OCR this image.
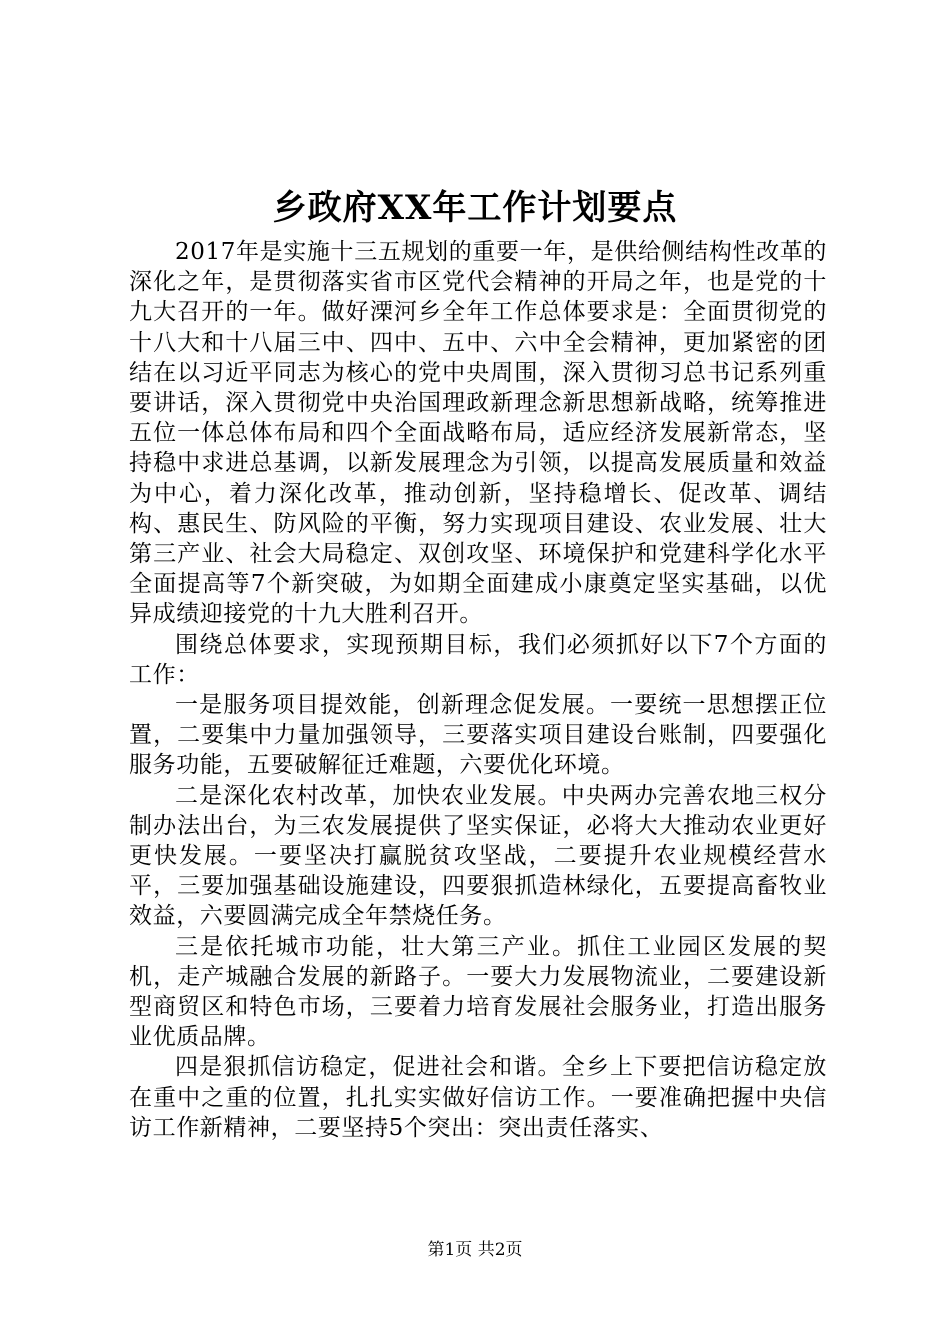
乡政府XX年工作计划要点

2017年是实施十三五规划的重要一年，是供给侧结构性改革的深化之年，是贯彻落实省市区党代会精神的开局之年，也是党的十九大召开的一年。做好溧河乡全年工作总体要求是：全面贯彻党的十八大和十八届三中、四中、五中、六中全会精神，更加紧密的团结在以习近平同志为核心的党中央周围，深入贯彻习总书记系列重要讲话，深入贯彻党中央治国理政新理念新思想新战略，统筹推进五位一体总体布局和四个全面战略布局，适应经济发展新常态，坚持稳中求进总基调，以新发展理念为引领，以提高发展质量和效益为中心，着力深化改革，推动创新，坚持稳增长、促改革、调结构、惠民生、防风险的平衡，努力实现项目建设、农业发展、壮大第三产业、社会大局稳定、双创攻坚、环境保护和党建科学化水平全面提高等7个新突破，为如期全面建成小康奠定坚实基础，以优异成绩迎接党的十九大胜利召开。

围绕总体要求，实现预期目标，我们必须抓好以下7个方面的工作：

一是服务项目提效能，创新理念促发展。一要统一思想摆正位置，二要集中力量加强领导，三要落实项目建设台账制，四要强化服务功能，五要破解征迁难题，六要优化环境。

二是深化农村改革，加快农业发展。中央两办完善农地三权分制办法出台，为三农发展提供了坚实保证，必将大大推动农业更好更快发展。一要坚决打赢脱贫攻坚战，二要提升农业规模经营水平，三要加强基础设施建设，四要狠抓造林绿化，五要提高畜牧业效益，六要圆满完成全年禁烧任务。

三是依托城市功能，壮大第三产业。抓住工业园区发展的契机，走产城融合发展的新路子。一要大力发展物流业，二要建设新型商贸区和特色市场，三要着力培育发展社会服务业，打造出服务业优质品牌。

四是狠抓信访稳定，促进社会和谐。全乡上下要把信访稳定放在重中之重的位置，扎扎实实做好信访工作。一要准确把握中央信访工作新精神，二要坚持5个突出：突出责任落实、

第1页 共2页
